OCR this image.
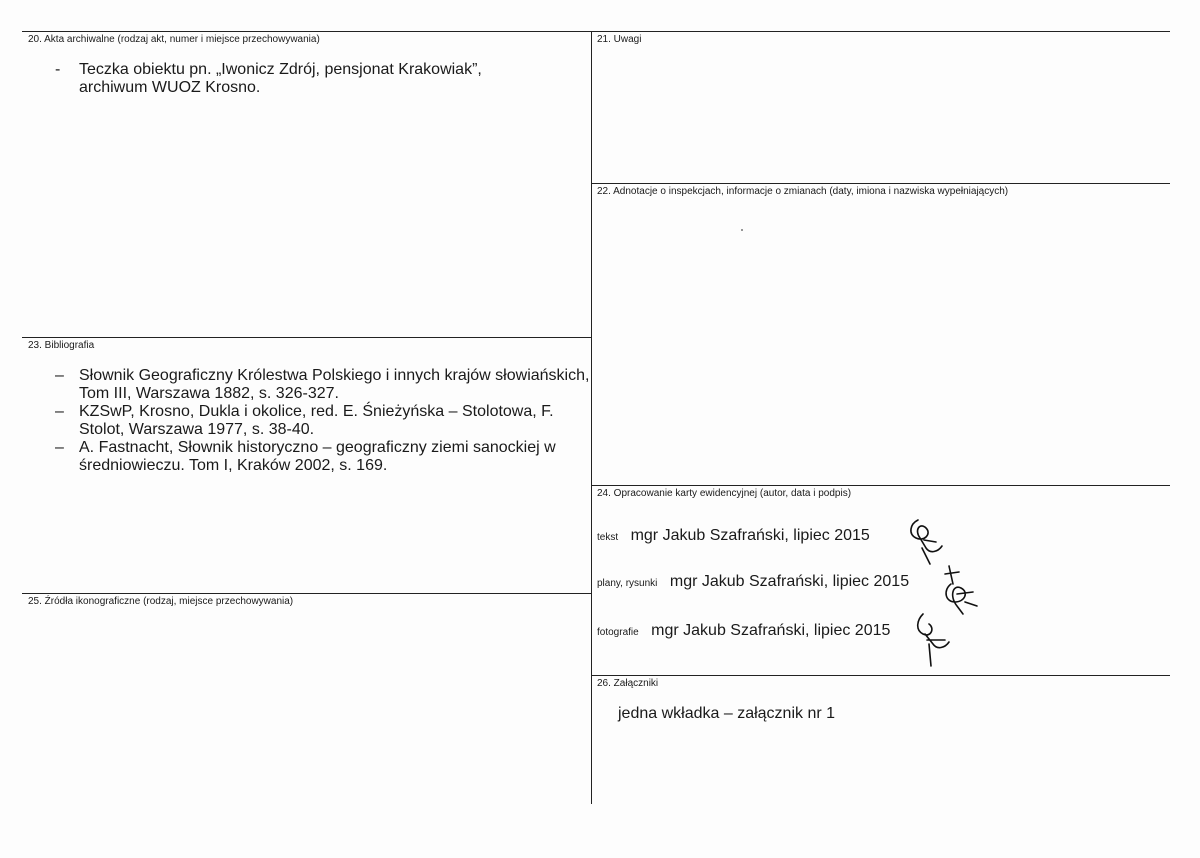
20. Akta archiwalne (rodzaj akt, numer i miejsce przechowywania)
- Teczka obiektu pn. „Iwonicz Zdrój, pensjonat Krakowiak”, archiwum WUOZ Krosno.
23. Bibliografia
– Słownik Geograficzny Królestwa Polskiego i innych krajów słowiańskich, Tom III, Warszawa 1882, s. 326-327.
– KZSwP, Krosno, Dukla i okolice, red. E. Śnieżyńska – Stolotowa, F. Stolot, Warszawa 1977, s. 38-40.
– A. Fastnacht, Słownik historyczno – geograficzny ziemi sanockiej w średniowieczu. Tom I, Kraków 2002, s. 169.
25. Źródła ikonograficzne (rodzaj, miejsce przechowywania)
21. Uwagi
22. Adnotacje o inspekcjach, informacje o zmianach (daty, imiona i nazwiska wypełniających)
24. Opracowanie karty ewidencyjnej (autor, data i podpis)
tekst mgr Jakub Szafrański, lipiec 2015
plany, rysunki mgr Jakub Szafrański, lipiec 2015
fotografie mgr Jakub Szafrański, lipiec 2015
26. Załączniki
jedna wkładka – załącznik nr 1
